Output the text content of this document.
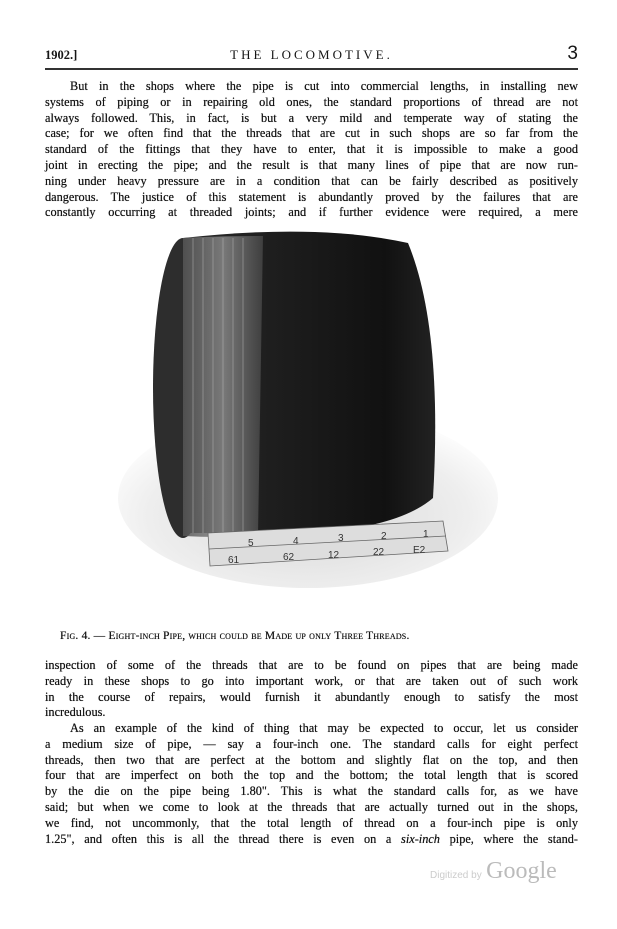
1902.]	THE LOCOMOTIVE.	3
But in the shops where the pipe is cut into commercial lengths, in installing new
systems of piping or in repairing old ones, the standard proportions of thread are not
always followed. This, in fact, is but a very mild and temperate way of stating the
case; for we often find that the threads that are cut in such shops are so far from the
standard of the fittings that they have to enter, that it is impossible to make a good
joint in erecting the pipe; and the result is that many lines of pipe that are now run-
ning under heavy pressure are in a condition that can be fairly described as positively
dangerous. The justice of this statement is abundantly proved by the failures that are
constantly occurring at threaded joints; and if further evidence were required, a mere
5	4	3	2	1
61	62	12	22	E2
Fig. 4. — Eight-inch Pipe, which could be Made up only Three Threads.
inspection of some of the threads that are to be found on pipes that are being made
ready in these shops to go into important work, or that are taken out of such work
in the course of repairs, would furnish it abundantly enough to satisfy the most
incredulous.
As an example of the kind of thing that may be expected to occur, let us consider
a medium size of pipe, — say a four-inch one. The standard calls for eight perfect
threads, then two that are perfect at the bottom and slightly flat on the top, and then
four that are imperfect on both the top and the bottom; the total length that is scored
by the die on the pipe being 1.80". This is what the standard calls for, as we have
said; but when we come to look at the threads that are actually turned out in the shops,
we find, not uncommonly, that the total length of thread on a four-inch pipe is only
1.25", and often this is all the thread there is even on a six-inch pipe, where the stand-
Digitized by Google
